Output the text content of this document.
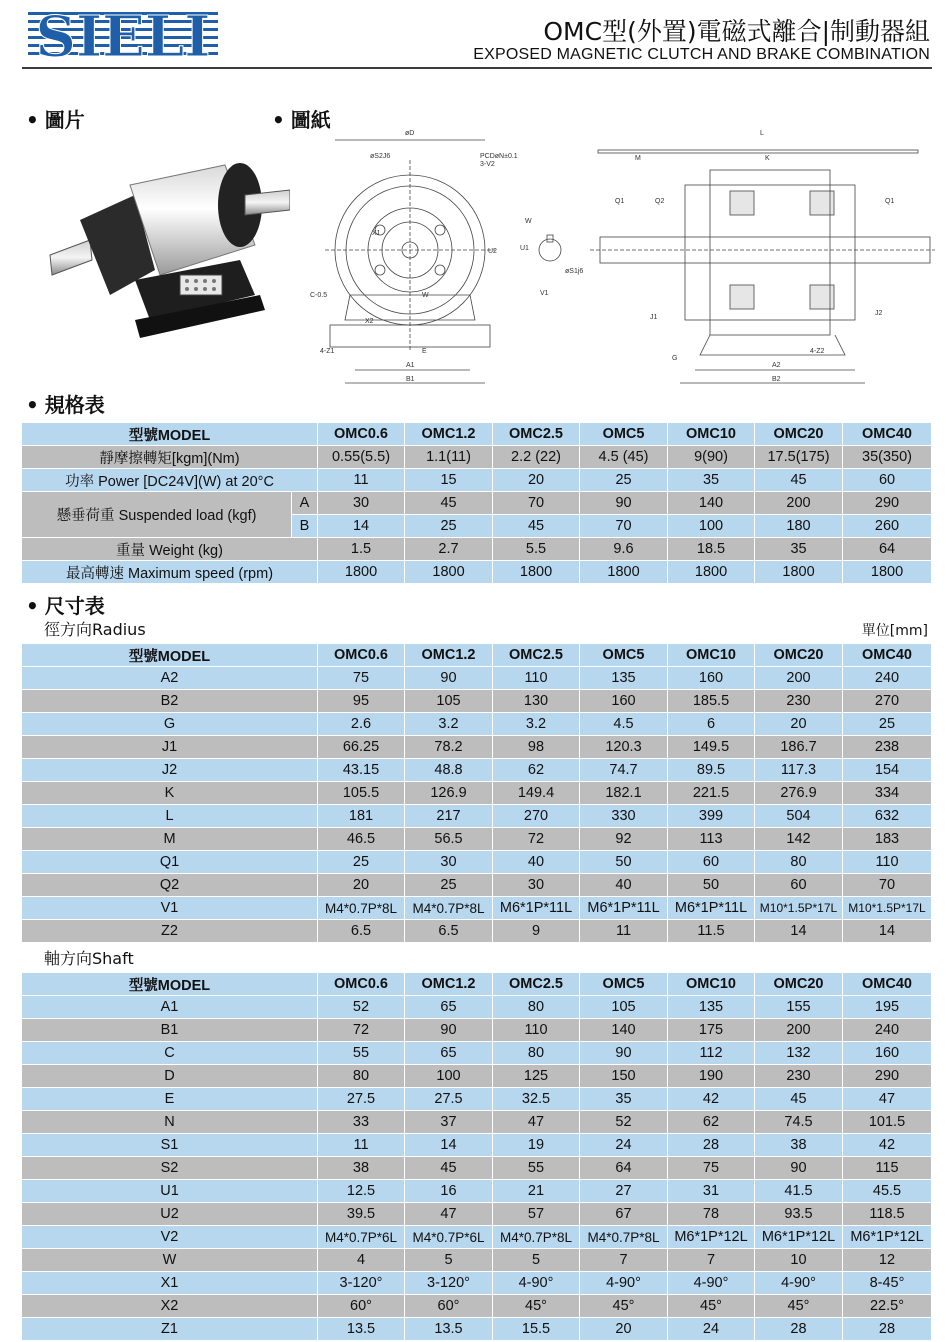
SIELI	OMC型(外置)電磁式離合|制動器組
EXPOSED MAGNETIC CLUTCH AND BRAKE COMBINATION
• 圖片	• 圖紙
øD
øS2J6	PCDøN±0.1
3-V2
X1
U2	U1
W
øS1j6
V1
C-0.5
X2
W
4-Z1	E
A1
B1
L
M	K
Q1	Q2	Q1
J1
J2
G
4-Z2
A2
B2
• 規格表
型號MODEL		OMC0.6	OMC1.2	OMC2.5	OMC5	OMC10	OMC20	OMC40
靜摩擦轉矩[kgm](Nm)		0.55(5.5)	1.1(11)	2.2 (22)	4.5 (45)	9(90)	17.5(175)	35(350)
功率 Power [DC24V](W) at 20°C		11	15	20	25	35	45	60
懸垂荷重 Suspended load (kgf)	A	30	45	70	90	140	200	290
	B	14	25	45	70	100	180	260
重量 Weight (kg)		1.5	2.7	5.5	9.6	18.5	35	64
最高轉速 Maximum speed (rpm)		1800	1800	1800	1800	1800	1800	1800
• 尺寸表
徑方向Radius	單位[mm]
型號MODEL	OMC0.6	OMC1.2	OMC2.5	OMC5	OMC10	OMC20	OMC40
A2	75	90	110	135	160	200	240
B2	95	105	130	160	185.5	230	270
G	2.6	3.2	3.2	4.5	6	20	25
J1	66.25	78.2	98	120.3	149.5	186.7	238
J2	43.15	48.8	62	74.7	89.5	117.3	154
K	105.5	126.9	149.4	182.1	221.5	276.9	334
L	181	217	270	330	399	504	632
M	46.5	56.5	72	92	113	142	183
Q1	25	30	40	50	60	80	110
Q2	20	25	30	40	50	60	70
V1	M4*0.7P*8L	M4*0.7P*8L	M6*1P*11L	M6*1P*11L	M6*1P*11L	M10*1.5P*17L	M10*1.5P*17L
Z2	6.5	6.5	9	11	11.5	14	14
軸方向Shaft
型號MODEL	OMC0.6	OMC1.2	OMC2.5	OMC5	OMC10	OMC20	OMC40
A1	52	65	80	105	135	155	195
B1	72	90	110	140	175	200	240
C	55	65	80	90	112	132	160
D	80	100	125	150	190	230	290
E	27.5	27.5	32.5	35	42	45	47
N	33	37	47	52	62	74.5	101.5
S1	11	14	19	24	28	38	42
S2	38	45	55	64	75	90	115
U1	12.5	16	21	27	31	41.5	45.5
U2	39.5	47	57	67	78	93.5	118.5
V2	M4*0.7P*6L	M4*0.7P*6L	M4*0.7P*8L	M4*0.7P*8L	M6*1P*12L	M6*1P*12L	M6*1P*12L
W	4	5	5	7	7	10	12
X1	3-120°	3-120°	4-90°	4-90°	4-90°	4-90°	8-45°
X2	60°	60°	45°	45°	45°	45°	22.5°
Z1	13.5	13.5	15.5	20	24	28	28
